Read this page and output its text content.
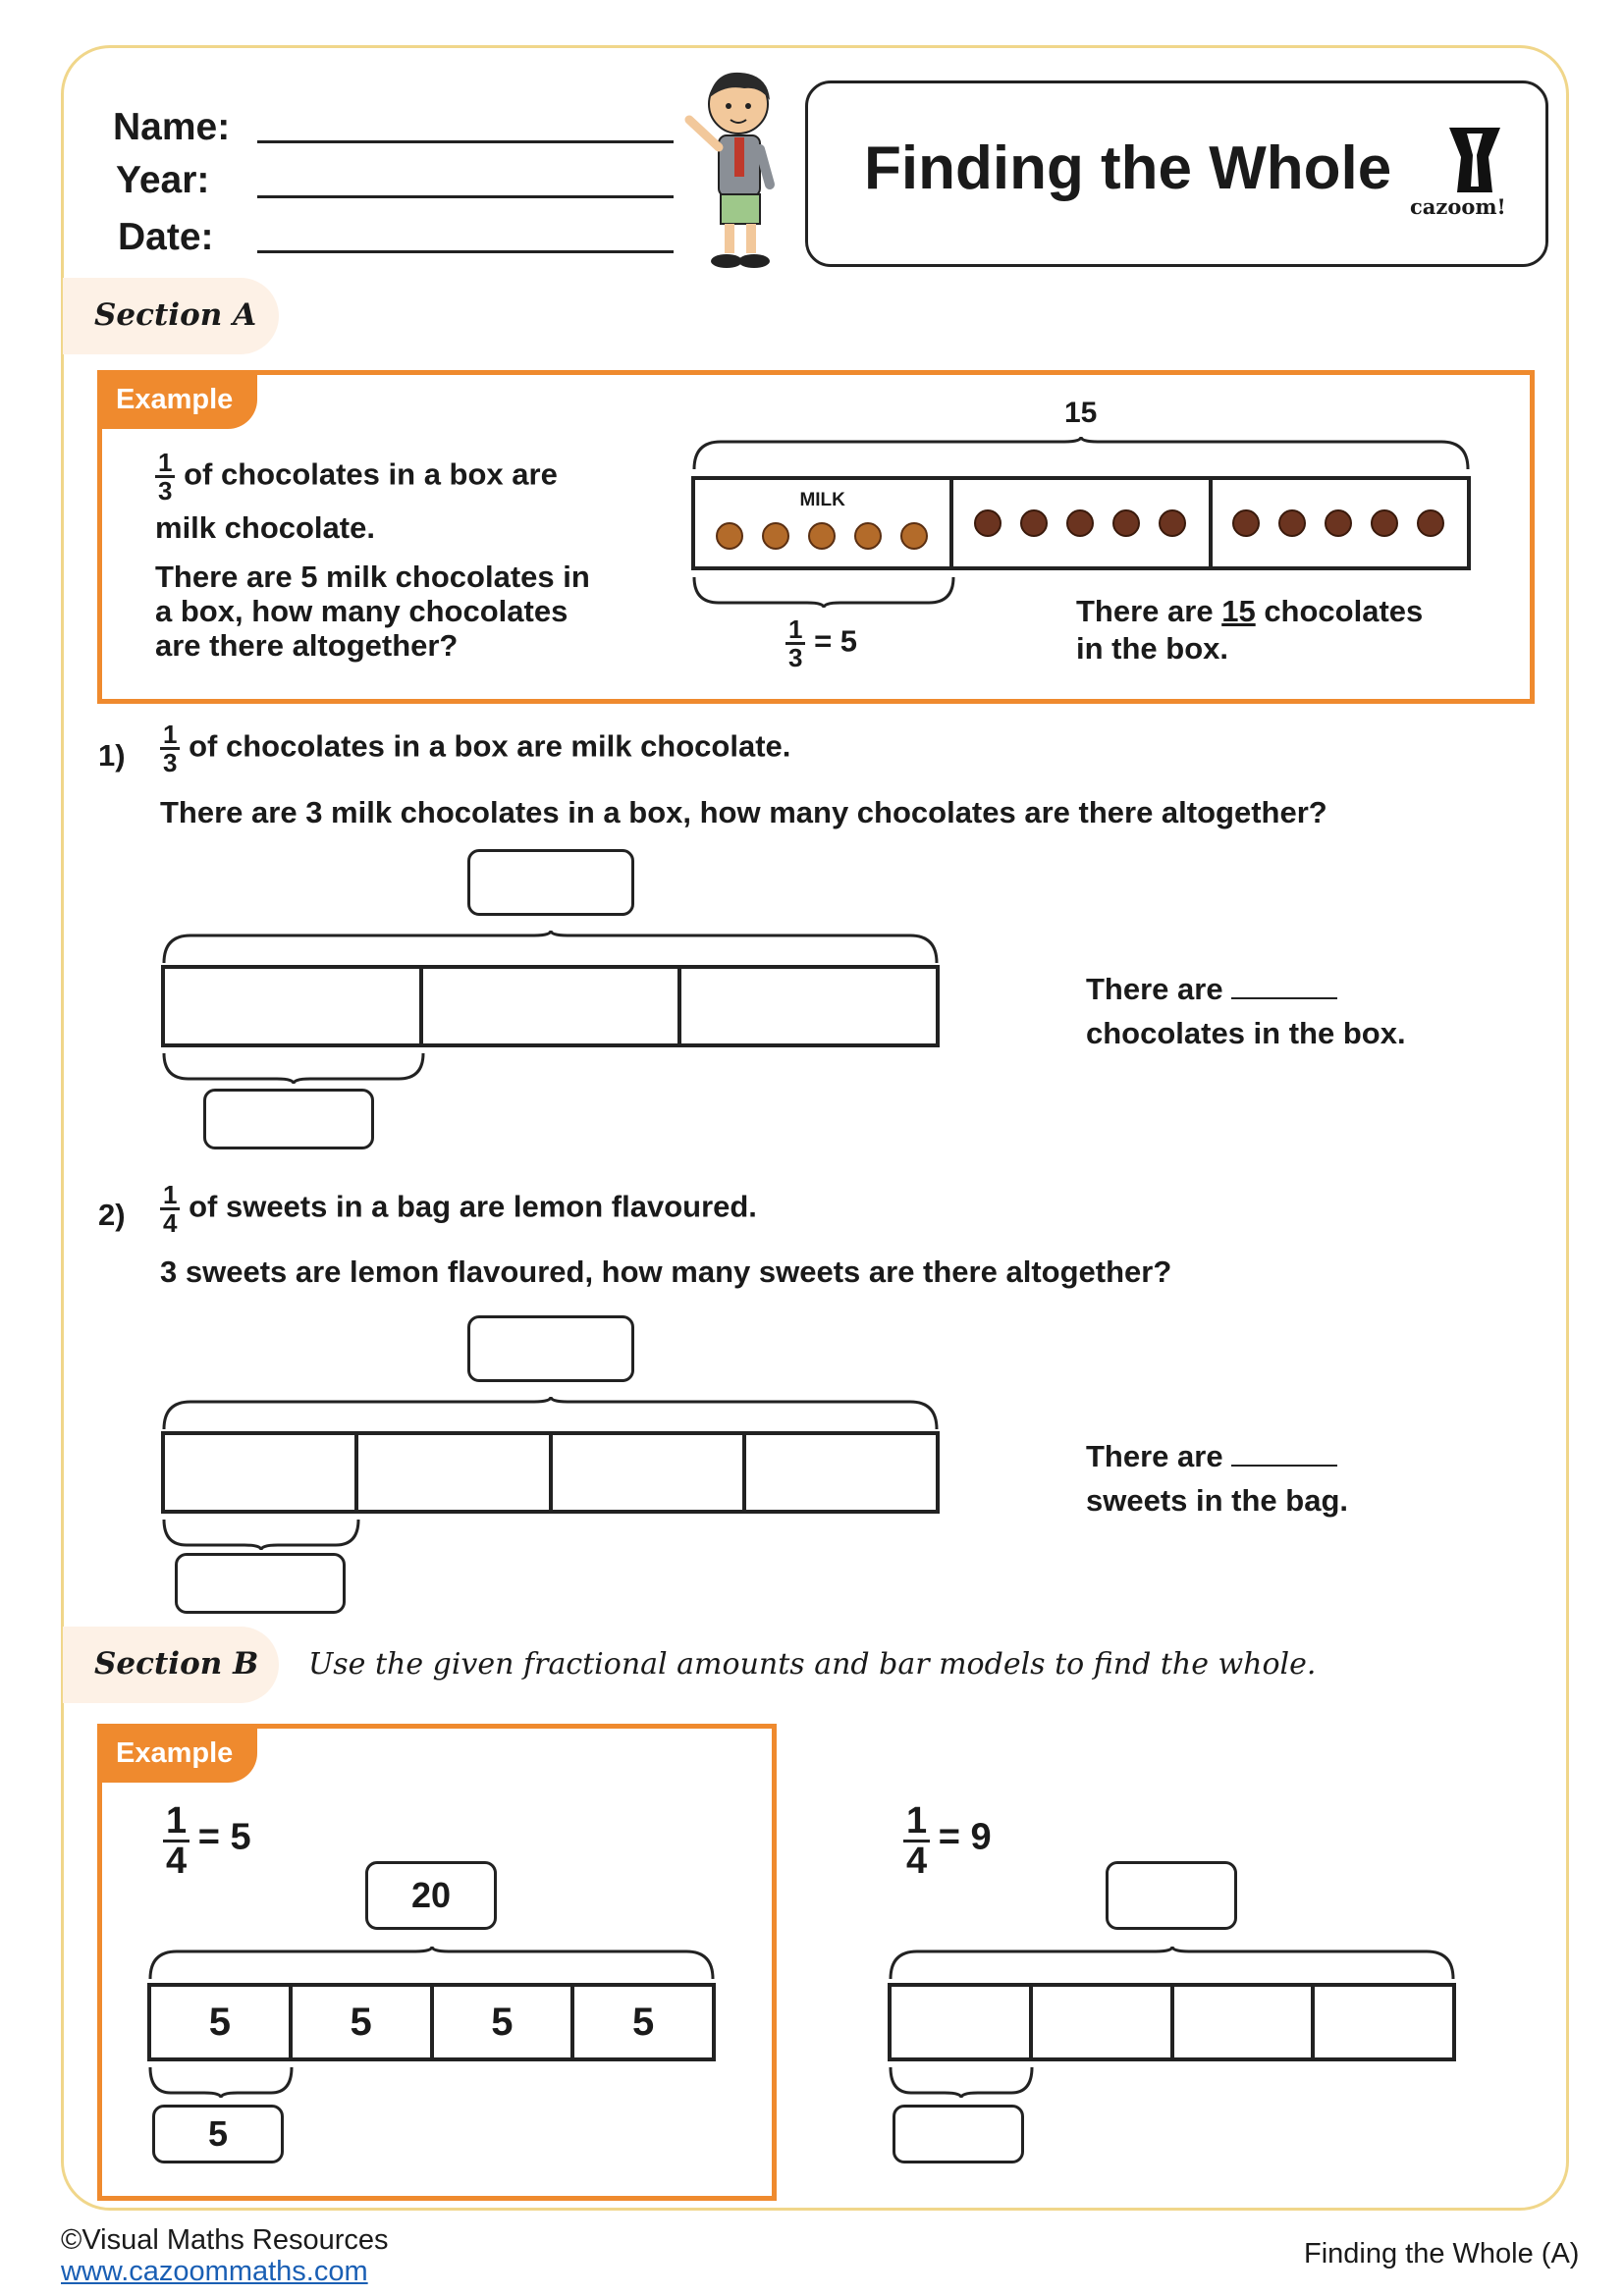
Name:
Year:
Date:
Finding the Whole
cazoom!
Section A
Example
$\frac{1}{3}$ of chocolates in a box are
milk chocolate.
There are 5 milk chocolates in
a box, how many chocolates
are there altogether?
15
MILK
$\frac{1}{3} = 5$
There are 15 chocolates
in the box.
$1) \frac{1}{3}$ of chocolates in a box are milk chocolate.
There are 3 milk chocolates in a box, how many chocolates are there altogether?
There are
chocolates in the box.
$2) \frac{1}{4}$ of sweets in a bag are lemon flavoured.
3 sweets are lemon flavoured, how many sweets are there altogether?
There are
sweets in the bag.
Section B Use the given fractional amounts and bar models to find the whole.
Example
$\frac{1}{4} = 5$
20
5	5	5	5
5
$\frac{1}{4} = 9$
©Visual Maths Resources
www.cazoommaths.com
Finding the Whole (A)
